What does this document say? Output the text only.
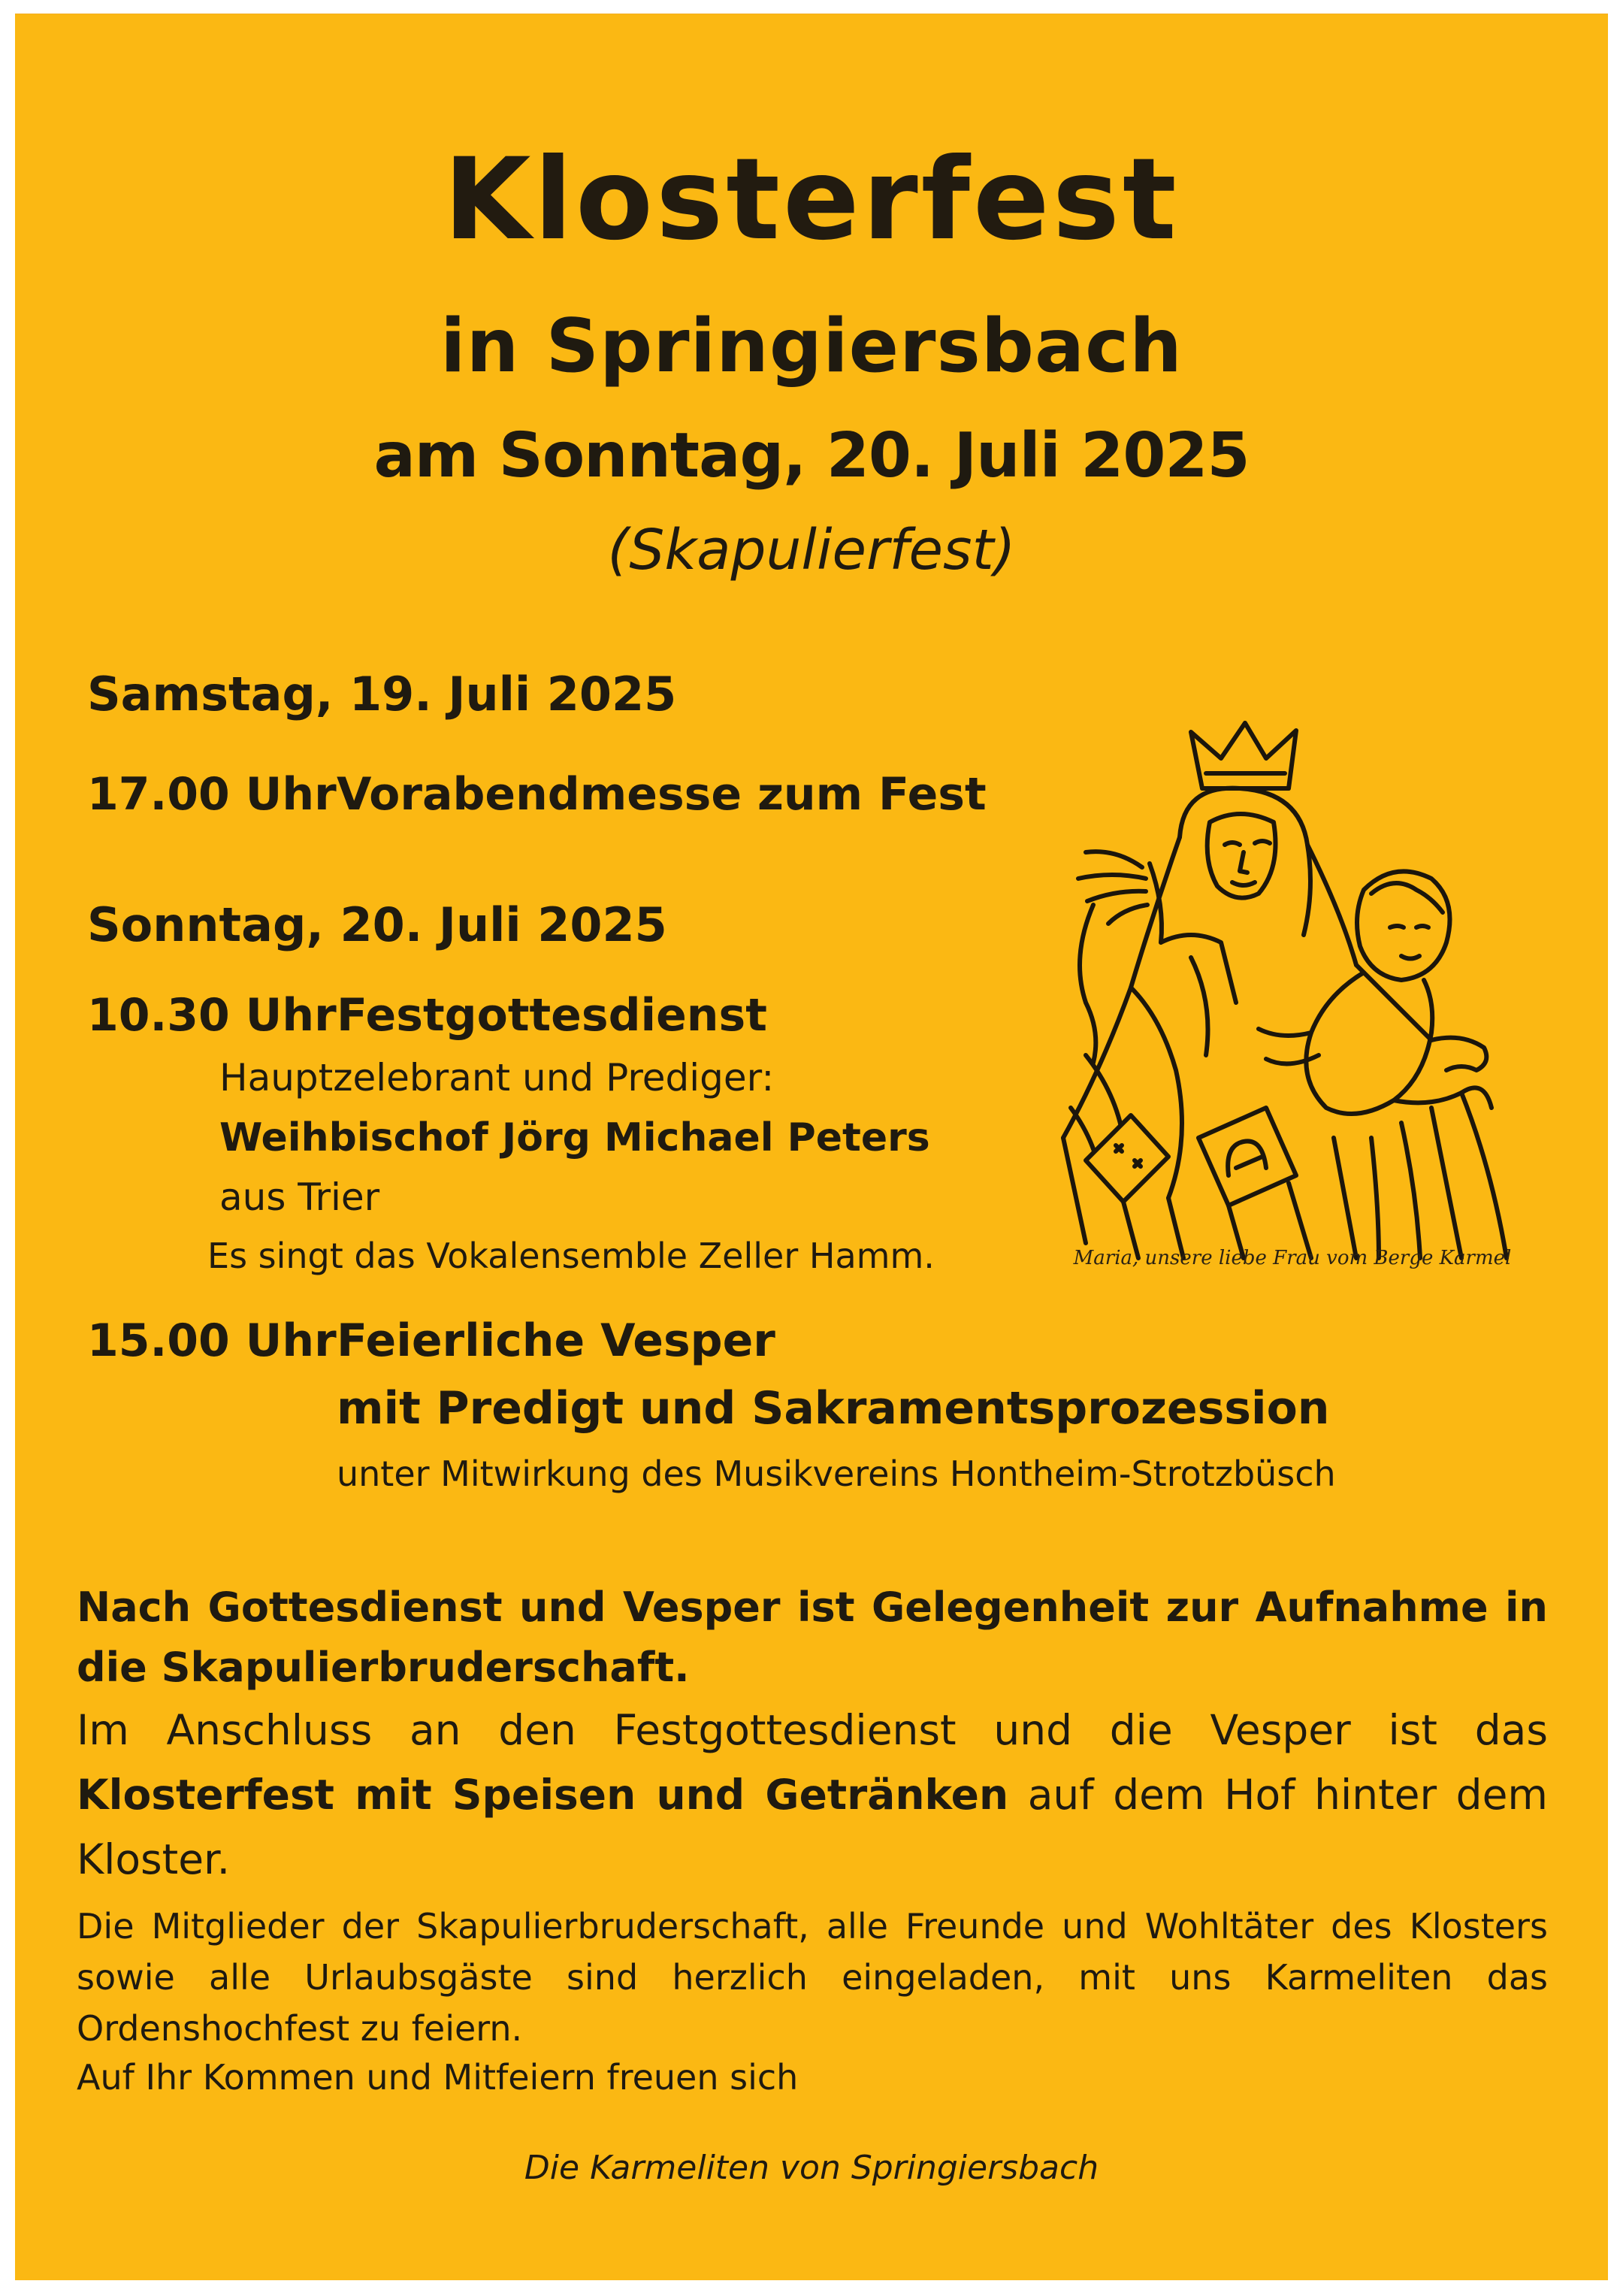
Klosterfest
in Springiersbach
am Sonntag, 20. Juli 2025
(Skapulierfest)
Samstag, 19. Juli 2025
17.00 Uhr Vorabendmesse zum Fest
Sonntag, 20. Juli 2025
10.30 Uhr Festgottesdienst
Hauptzelebrant und Prediger:
Weihbischof Jörg Michael Peters
aus Trier
Es singt das Vokalensemble Zeller Hamm.
15.00 Uhr Feierliche Vesper
mit Predigt und Sakramentsprozession
unter Mitwirkung des Musikvereins Hontheim-Strotzbüsch
Maria, unsere liebe Frau vom Berge Karmel
Nach Gottesdienst und Vesper ist Gelegenheit zur Aufnahme in die Skapulierbruderschaft.
Im Anschluss an den Festgottesdienst und die Vesper ist das Klosterfest mit Speisen und Getränken auf dem Hof hinter dem Kloster.
Die Mitglieder der Skapulierbruderschaft, alle Freunde und Wohltäter des Klosters sowie alle Urlaubsgäste sind herzlich eingeladen, mit uns Karmeliten das Ordenshochfest zu feiern.
Auf Ihr Kommen und Mitfeiern freuen sich
Die Karmeliten von Springiersbach
